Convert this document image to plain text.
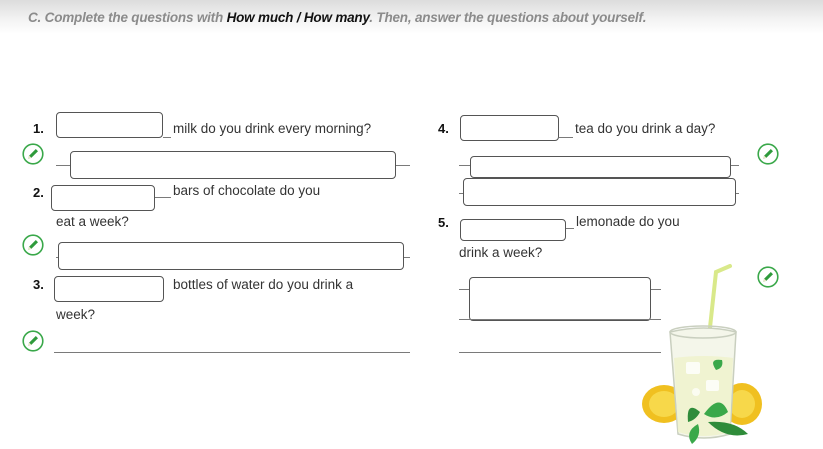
C. Complete the questions with How much / How many. Then, answer the questions about yourself.
1.	milk do you drink every morning?
2.	bars of chocolate do you
eat a week?
3.	bottles of water do you drink a
week?
4.	tea do you drink a day?
5.	lemonade do you
drink a week?
